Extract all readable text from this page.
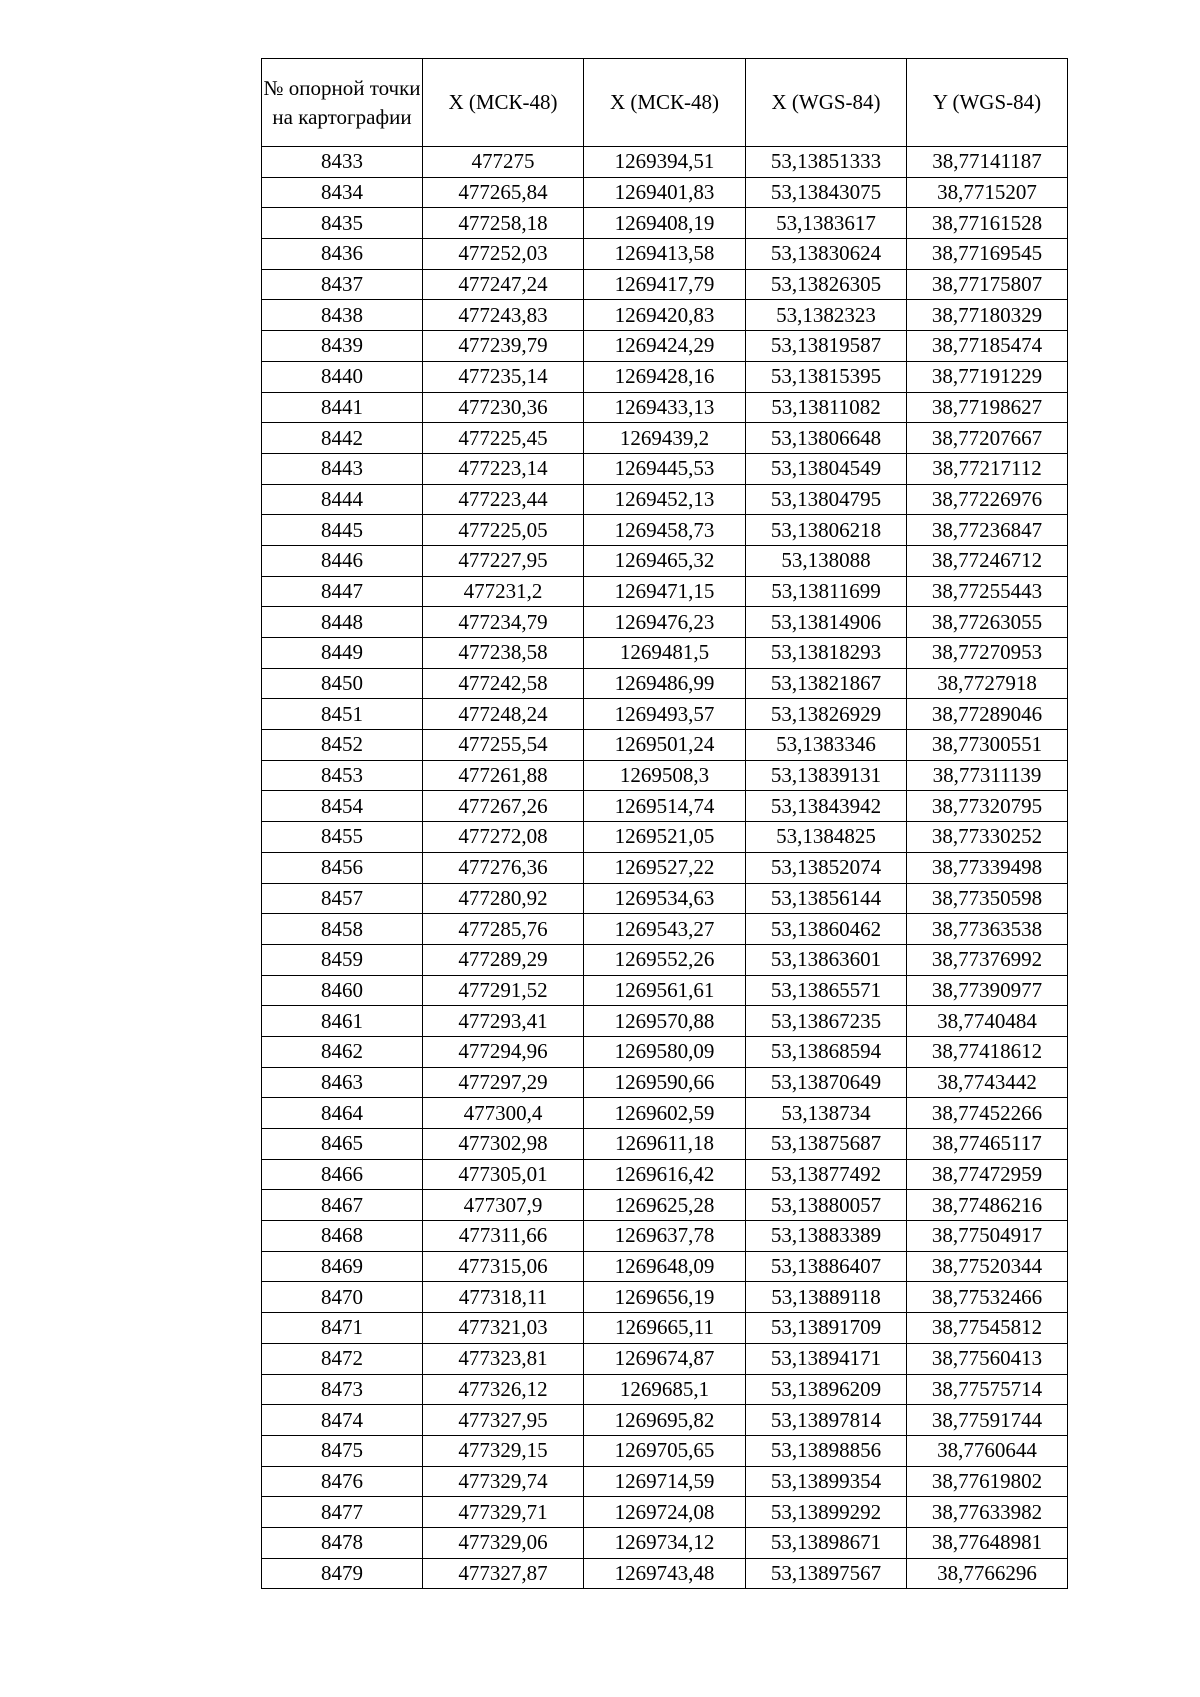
№ опорной точки на картографии	X (МСК-48)	X (МСК-48)	X (WGS-84)	Y (WGS-84)
8433	477275	1269394,51	53,13851333	38,77141187
8434	477265,84	1269401,83	53,13843075	38,7715207
8435	477258,18	1269408,19	53,1383617	38,77161528
8436	477252,03	1269413,58	53,13830624	38,77169545
8437	477247,24	1269417,79	53,13826305	38,77175807
8438	477243,83	1269420,83	53,1382323	38,77180329
8439	477239,79	1269424,29	53,13819587	38,77185474
8440	477235,14	1269428,16	53,13815395	38,77191229
8441	477230,36	1269433,13	53,13811082	38,77198627
8442	477225,45	1269439,2	53,13806648	38,77207667
8443	477223,14	1269445,53	53,13804549	38,77217112
8444	477223,44	1269452,13	53,13804795	38,77226976
8445	477225,05	1269458,73	53,13806218	38,77236847
8446	477227,95	1269465,32	53,138088	38,77246712
8447	477231,2	1269471,15	53,13811699	38,77255443
8448	477234,79	1269476,23	53,13814906	38,77263055
8449	477238,58	1269481,5	53,13818293	38,77270953
8450	477242,58	1269486,99	53,13821867	38,7727918
8451	477248,24	1269493,57	53,13826929	38,77289046
8452	477255,54	1269501,24	53,1383346	38,77300551
8453	477261,88	1269508,3	53,13839131	38,77311139
8454	477267,26	1269514,74	53,13843942	38,77320795
8455	477272,08	1269521,05	53,1384825	38,77330252
8456	477276,36	1269527,22	53,13852074	38,77339498
8457	477280,92	1269534,63	53,13856144	38,77350598
8458	477285,76	1269543,27	53,13860462	38,77363538
8459	477289,29	1269552,26	53,13863601	38,77376992
8460	477291,52	1269561,61	53,13865571	38,77390977
8461	477293,41	1269570,88	53,13867235	38,7740484
8462	477294,96	1269580,09	53,13868594	38,77418612
8463	477297,29	1269590,66	53,13870649	38,7743442
8464	477300,4	1269602,59	53,138734	38,77452266
8465	477302,98	1269611,18	53,13875687	38,77465117
8466	477305,01	1269616,42	53,13877492	38,77472959
8467	477307,9	1269625,28	53,13880057	38,77486216
8468	477311,66	1269637,78	53,13883389	38,77504917
8469	477315,06	1269648,09	53,13886407	38,77520344
8470	477318,11	1269656,19	53,13889118	38,77532466
8471	477321,03	1269665,11	53,13891709	38,77545812
8472	477323,81	1269674,87	53,13894171	38,77560413
8473	477326,12	1269685,1	53,13896209	38,77575714
8474	477327,95	1269695,82	53,13897814	38,77591744
8475	477329,15	1269705,65	53,13898856	38,7760644
8476	477329,74	1269714,59	53,13899354	38,77619802
8477	477329,71	1269724,08	53,13899292	38,77633982
8478	477329,06	1269734,12	53,13898671	38,77648981
8479	477327,87	1269743,48	53,13897567	38,7766296
